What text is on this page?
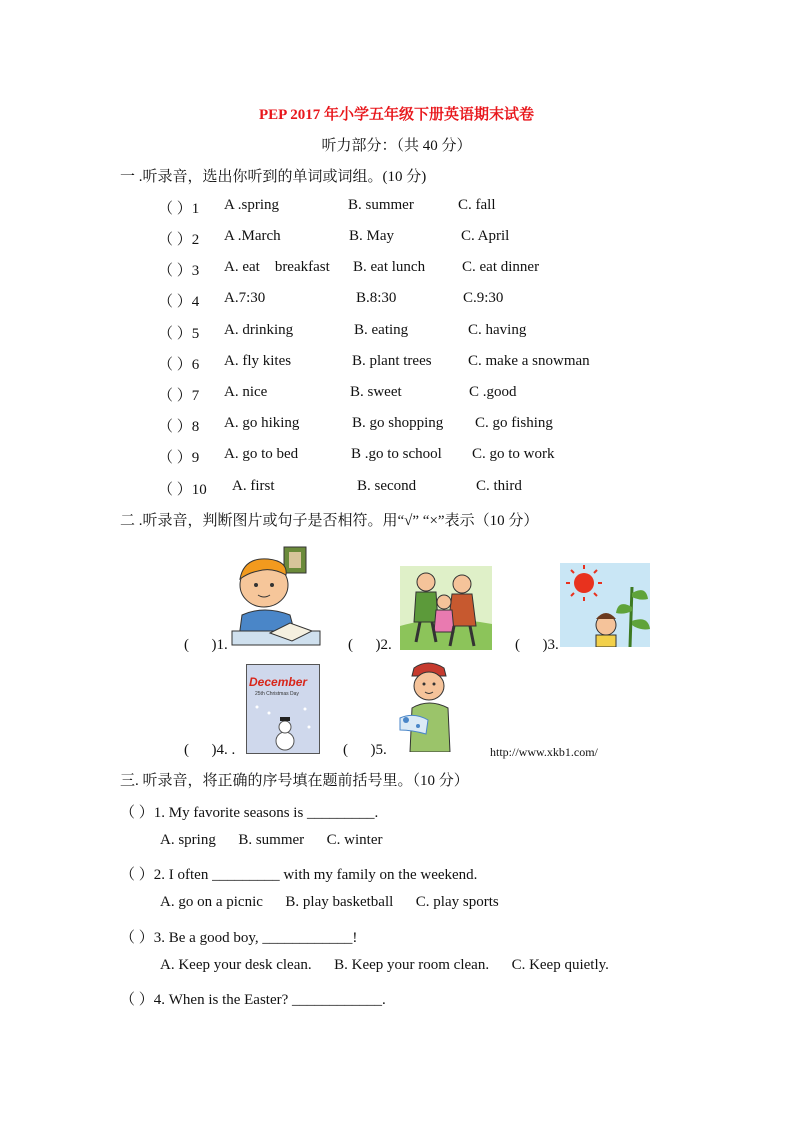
PEP 2017 年小学五年级下册英语期末试卷
听力部分：（共 40 分）
一 .听录音，选出你听到的单词或词组。(10 分)
（ ）1 A .spring	B. summer	C. fall
（ ）2 A .March	B. May	C. April
（ ）3 A. eat    breakfast B. eat lunch C. eat dinner
（ ）4 A.7:30	B.8:30	C.9:30
（ ）5 A. drinking	B. eating	C. having
（ ）6 A. fly kites	B. plant trees C. make a snowman
（ ）7 A. nice	B. sweet	C .good
（ ）8 A. go hiking	B. go shopping C. go fishing
（ ）9 A. go to bed	B .go to school C. go to work
（ ）10 A. first	B. second	C. third
二 .听录音，判断图片或句子是否相符。用“√” “×”表示（10 分）
(      )1.	(      )2.	(      )3.
December
25th Christmas Day
(      )4. .	(      )5.	http://www.xkb1.com/
三. 听录音，将正确的序号填在题前括号里。（10 分）
（ ）1. My favorite seasons is _________.
A. spring      B. summer      C. winter
（ ）2. I often _________ with my family on the weekend.
A. go on a picnic      B. play basketball      C. play sports
（ ）3. Be a good boy, ____________!
A. Keep your desk clean.      B. Keep your room clean.      C. Keep quietly.
（ ）4. When is the Easter? ____________.
